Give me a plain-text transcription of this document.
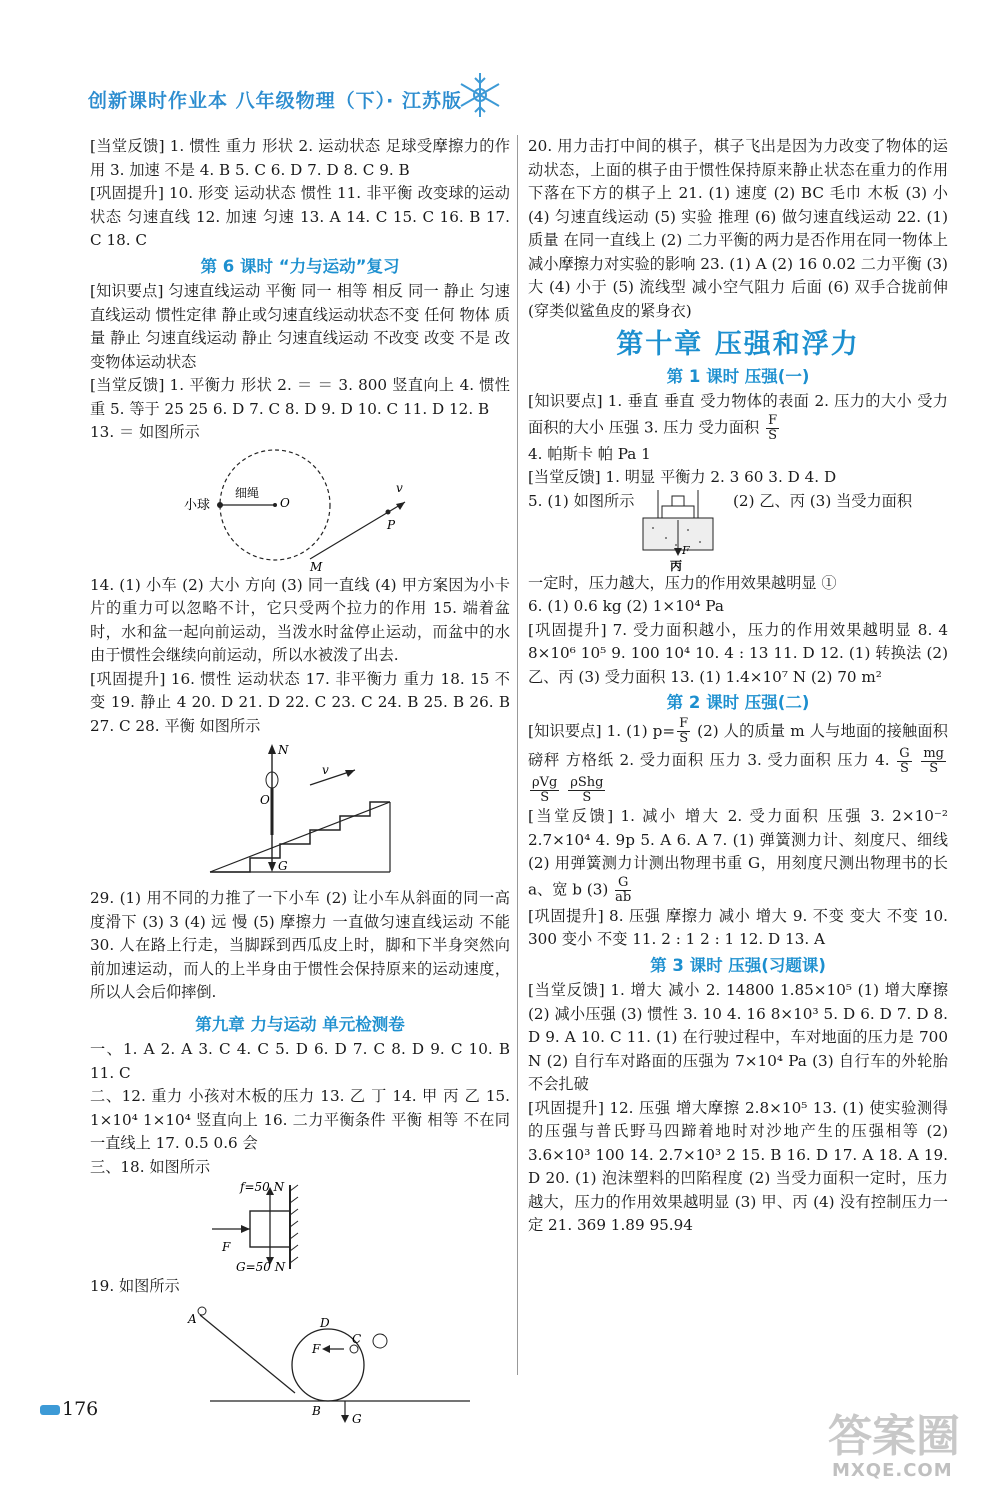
创新课时作业本 八年级物理（下）· 江苏版

[当堂反馈] 1. 惯性 重力 形状 2. 运动状态 足球受摩擦力的作用 3. 加速 不是 4. B 5. C 6. D 7. D 8. C 9. B

[巩固提升] 10. 形变 运动状态 惯性 11. 非平衡 改变球的运动状态 匀速直线 12. 加速 匀速 13. A 14. C 15. C 16. B 17. C 18. C

第 6 课时 “力与运动”复习

[知识要点] 匀速直线运动 平衡 同一 相等 相反 同一 静止 匀速直线运动 惯性定律 静止或匀速直线运动状态不变 任何 物体 质量 静止 匀速直线运动 静止 匀速直线运动 不改变 改变 不是 改变物体运动状态

[当堂反馈] 1. 平衡力 形状 2. ＝ ＝ 3. 800 竖直向上 4. 惯性 重 5. 等于 25 25 6. D 7. C 8. D 9. D 10. C 11. D 12. B

13. ＝ 如图所示

小球
细绳
O
v
P
M

14. (1) 小车 (2) 大小 方向 (3) 同一直线 (4) 甲方案因为小卡片的重力可以忽略不计，它只受两个拉力的作用 15. 端着盆时，水和盆一起向前运动，当泼水时盆停止运动，而盆中的水由于惯性会继续向前运动，所以水被泼了出去.

[巩固提升] 16. 惯性 运动状态 17. 非平衡力 重力 18. 15 不变 19. 静止 4 20. D 21. D 22. C 23. C 24. B 25. B 26. B 27. C 28. 平衡 如图所示

N
O
G
v

29. (1) 用不同的力推了一下小车 (2) 让小车从斜面的同一高度滑下 (3) 3 (4) 远 慢 (5) 摩擦力 一直做匀速直线运动 不能 30. 人在路上行走，当脚踩到西瓜皮上时，脚和下半身突然向前加速运动，而人的上半身由于惯性会保持原来的运动速度，所以人会后仰摔倒.

第九章 力与运动 单元检测卷

一、1. A 2. A 3. C 4. C 5. D 6. D 7. C 8. D 9. C 10. B 11. C

二、12. 重力 小孩对木板的压力 13. 乙 丁 14. 甲 丙 乙 15. 1×10⁴ 1×10⁴ 竖直向上 16. 二力平衡条件 平衡 相等 不在同一直线上 17. 0.5 0.6 会

三、18. 如图所示

f=50 N
F
G=50 N

19. 如图所示

A
B
C
D
F
G

20. 用力击打中间的棋子，棋子飞出是因为力改变了物体的运动状态，上面的棋子由于惯性保持原来静止状态在重力的作用下落在下方的棋子上 21. (1) 速度 (2) BC 毛巾 木板 (3) 小 (4) 匀速直线运动 (5) 实验 推理 (6) 做匀速直线运动 22. (1) 质量 在同一直线上 (2) 二力平衡的两力是否作用在同一物体上 减小摩擦力对实验的影响 23. (1) A (2) 16 0.02 二力平衡 (3) 大 (4) 小于 (5) 流线型 减小空气阻力 后面 (6) 双手合拢前伸(穿类似鲨鱼皮的紧身衣)

第十章 压强和浮力
第 1 课时 压强(一)

[知识要点] 1. 垂直 垂直 受力物体的表面 2. 压力的大小 受力面积的大小 压强 3. 压力 受力面积 $\frac{F}{S}$

4. 帕斯卡 帕 Pa 1

[当堂反馈] 1. 明显 平衡力 2. 3 60 3. D 4. D

5. (1) 如图所示
F
丙
(2) 乙、丙 (3) 当受力面积

一定时，压力越大，压力的作用效果越明显 ①

6. (1) 0.6 kg (2) 1×10⁴ Pa

[巩固提升] 7. 受力面积越小，压力的作用效果越明显 8. 4 8×10⁶ 10⁵ 9. 100 10⁴ 10. 4 : 13 11. D 12. (1) 转换法 (2) 乙、丙 (3) 受力面积 13. (1) 1.4×10⁷ N (2) 70 m²

第 2 课时 压强(二)

[知识要点] 1. (1) $p= \frac{F}{S} (2)$ 人的质量 m 人与地面的接触面积 磅秤 方格纸 2. 受力面积 压力 3. 受力面积 压力 4. $\frac{G}{S}$
$\frac{mg}{S}$

$\frac{\text{ρVg}}{S}$
$\frac{\text{ρShg}}{S}$

[当堂反馈] 1. 减小 增大 2. 受力面积 压强 3. 2×10⁻² 2.7×10⁴ 4. 9p 5. A 6. A 7. (1) 弹簧测力计、刻度尺、细线 (2) 用弹簧测力计测出物理书重 G，用刻度尺测出物理书的长 a、宽 b $(3) \frac{G}{ab}$

[巩固提升] 8. 压强 摩擦力 减小 增大 9. 不变 变大 不变 10. 300 变小 不变 11. 2 : 1 2 : 1 12. D 13. A

第 3 课时 压强(习题课)

[当堂反馈] 1. 增大 减小 2. 14800 1.85×10⁵ (1) 增大摩擦 (2) 减小压强 (3) 惯性 3. 10 4. 16 8×10³ 5. D 6. D 7. D 8. D 9. A 10. C 11. (1) 在行驶过程中，车对地面的压力是 700 N (2) 自行车对路面的压强为 7×10⁴ Pa (3) 自行车的外轮胎不会扎破

[巩固提升] 12. 压强 增大摩擦 2.8×10⁵ 13. (1) 使实验测得的压强与普氏野马四蹄着地时对沙地产生的压强相等 (2) 3.6×10³ 100 14. 2.7×10³ 2 15. B 16. D 17. A 18. A 19. D 20. (1) 泡沫塑料的凹陷程度 (2) 当受力面积一定时，压力越大，压力的作用效果越明显 (3) 甲、丙 (4) 没有控制压力一定 21. 369 1.89 95.94

176
答案圈
MXQE.COM
